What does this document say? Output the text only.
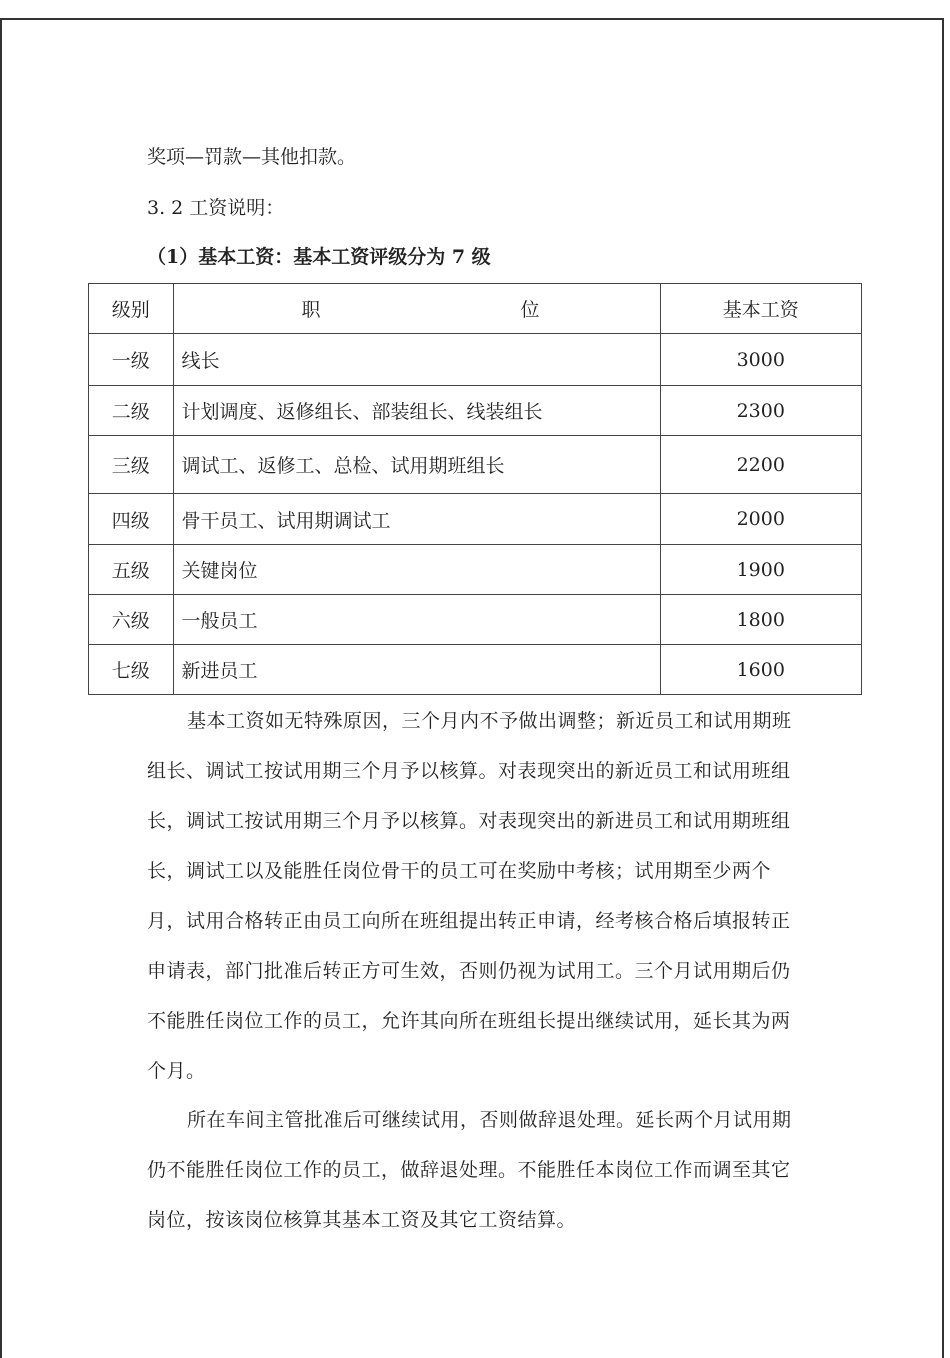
奖项—罚款—其他扣款。
3. 2 工资说明：
（1）基本工资：基本工资评级分为 7 级
级别	职 位	基本工资
一级	线长	3000
二级	计划调度、返修组长、部装组长、线装组长	2300
三级	调试工、返修工、总检、试用期班组长	2200
四级	骨干员工、试用期调试工	2000
五级	关键岗位	1900
六级	一般员工	1800
七级	新进员工	1600

基本工资如无特殊原因，三个月内不予做出调整；新近员工和试用期班组长、调试工按试用期三个月予以核算。对表现突出的新近员工和试用班组长，调试工按试用期三个月予以核算。对表现突出的新进员工和试用期班组长，调试工以及能胜任岗位骨干的员工可在奖励中考核；试用期至少两个月，试用合格转正由员工向所在班组提出转正申请，经考核合格后填报转正申请表，部门批准后转正方可生效，否则仍视为试用工。三个月试用期后仍不能胜任岗位工作的员工，允许其向所在班组长提出继续试用，延长其为两个月。

所在车间主管批准后可继续试用，否则做辞退处理。延长两个月试用期仍不能胜任岗位工作的员工，做辞退处理。不能胜任本岗位工作而调至其它岗位，按该岗位核算其基本工资及其它工资结算。
